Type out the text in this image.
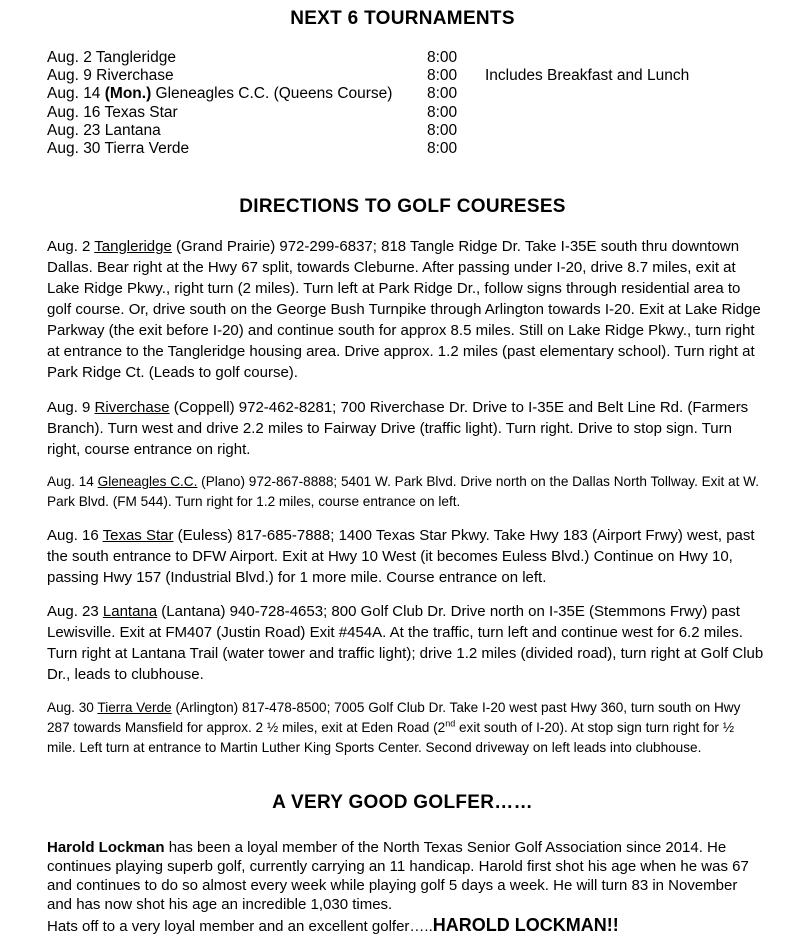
NEXT 6 TOURNAMENTS
Aug. 2 Tangleridge	8:00
Aug. 9 Riverchase	8:00 Includes Breakfast and Lunch
Aug. 14 (Mon.) Gleneagles C.C. (Queens Course) 8:00
Aug. 16 Texas Star	8:00
Aug. 23 Lantana	8:00
Aug. 30 Tierra Verde	8:00
DIRECTIONS TO GOLF COURESES

Aug. 2 Tangleridge (Grand Prairie) 972-299-6837; 818 Tangle Ridge Dr. Take I-35E south thru downtown Dallas. Bear right at the Hwy 67 split, towards Cleburne. After passing under I-20, drive 8.7 miles, exit at Lake Ridge Pkwy., right turn (2 miles). Turn left at Park Ridge Dr., follow signs through residential area to golf course. Or, drive south on the George Bush Turnpike through Arlington towards I-20. Exit at Lake Ridge Parkway (the exit before I-20) and continue south for approx 8.5 miles. Still on Lake Ridge Pkwy., turn right at entrance to the Tangleridge housing area. Drive approx. 1.2 miles (past elementary school). Turn right at Park Ridge Ct. (Leads to golf course).

Aug. 9 Riverchase (Coppell) 972-462-8281; 700 Riverchase Dr. Drive to I-35E and Belt Line Rd. (Farmers Branch). Turn west and drive 2.2 miles to Fairway Drive (traffic light). Turn right. Drive to stop sign. Turn right, course entrance on right.

Aug. 14 Gleneagles C.C. (Plano) 972-867-8888; 5401 W. Park Blvd. Drive north on the Dallas North Tollway. Exit at W. Park Blvd. (FM 544). Turn right for 1.2 miles, course entrance on left.

Aug. 16 Texas Star (Euless) 817-685-7888; 1400 Texas Star Pkwy. Take Hwy 183 (Airport Frwy) west, past the south entrance to DFW Airport. Exit at Hwy 10 West (it becomes Euless Blvd.) Continue on Hwy 10, passing Hwy 157 (Industrial Blvd.) for 1 more mile. Course entrance on left.

Aug. 23 Lantana (Lantana) 940-728-4653; 800 Golf Club Dr. Drive north on I-35E (Stemmons Frwy) past Lewisville. Exit at FM407 (Justin Road) Exit #454A. At the traffic, turn left and continue west for 6.2 miles. Turn right at Lantana Trail (water tower and traffic light); drive 1.2 miles (divided road), turn right at Golf Club Dr., leads to clubhouse.

Aug. 30 Tierra Verde (Arlington) 817-478-8500; 7005 Golf Club Dr. Take I-20 west past Hwy 360, turn south on Hwy 287 towards Mansfield for approx. 2 ½ miles, exit at Eden Road (2nd exit south of I-20). At stop sign turn right for ½ mile. Left turn at entrance to Martin Luther King Sports Center. Second driveway on left leads into clubhouse.

A VERY GOOD GOLFER……

Harold Lockman has been a loyal member of the North Texas Senior Golf Association since 2014. He continues playing superb golf, currently carrying an 11 handicap. Harold first shot his age when he was 67 and continues to do so almost every week while playing golf 5 days a week. He will turn 83 in November and has now shot his age an incredible 1,030 times.

Hats off to a very loyal member and an excellent golfer…..HAROLD LOCKMAN!!
